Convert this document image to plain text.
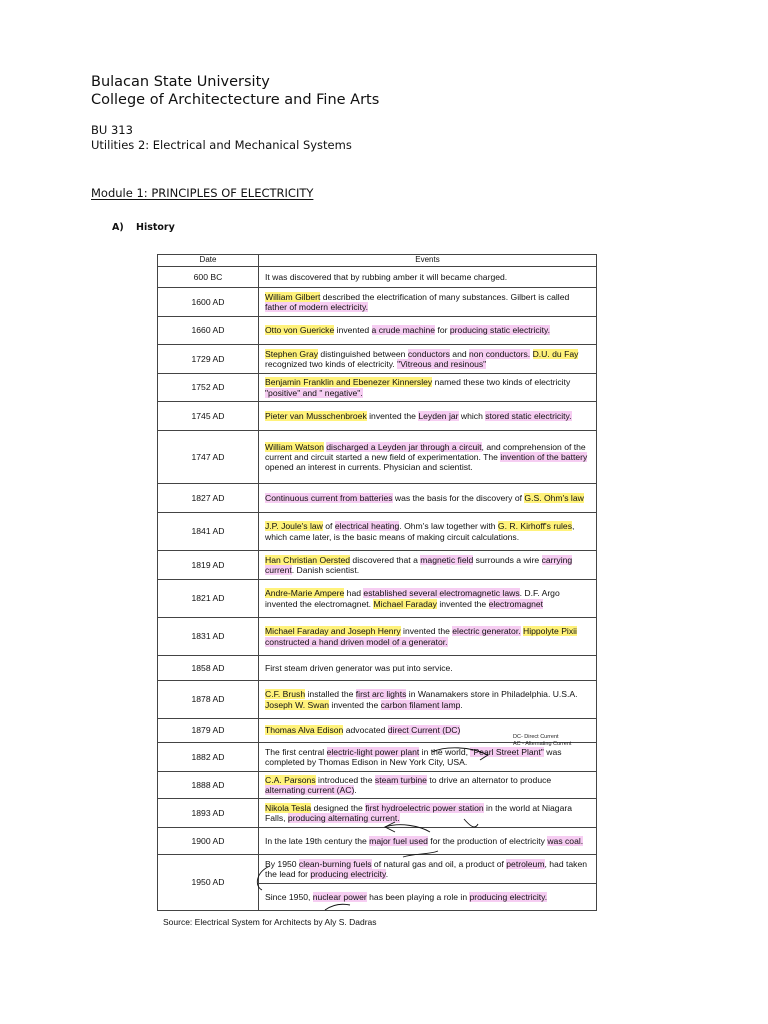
Bulacan State University
College of Architectecture and Fine Arts
BU 313
Utilities 2: Electrical and Mechanical Systems
Module 1: PRINCIPLES OF ELECTRICITY
A) History
Date	Events
600 BC	It was discovered that by rubbing amber it will became charged.
1600 AD	William Gilbert described the electrification of many substances. Gilbert is called father of modern electricity.
1660 AD	Otto von Guericke invented a crude machine for producing static electricity.
1729 AD	Stephen Gray distinguished between conductors and non conductors. D.U. du Fay recognized two kinds of electricity. "Vitreous and resinous"
1752 AD	Benjamin Franklin and Ebenezer Kinnersley named these two kinds of electricity "positive" and " negative".
1745 AD	Pieter van Musschenbroek invented the Leyden jar which stored static electricity.
1747 AD	William Watson discharged a Leyden jar through a circuit, and comprehension of the current and circuit started a new field of experimentation. The invention of the battery opened an interest in currents. Physician and scientist.
1827 AD	Continuous current from batteries was the basis for the discovery of G.S. Ohm's law
1841 AD	J.P. Joule's law of electrical heating. Ohm's law together with G. R. Kirhoff's rules, which came later, is the basic means of making circuit calculations.
1819 AD	Han Christian Oersted discovered that a magnetic field surrounds a wire carrying current. Danish scientist.
1821 AD	Andre-Marie Ampere had established several electromagnetic laws. D.F. Argo invented the electromagnet. Michael Faraday invented the electromagnet
1831 AD	Michael Faraday and Joseph Henry invented the electric generator. Hippolyte Pixii constructed a hand driven model of a generator.
1858 AD	First steam driven generator was put into service.
1878 AD	C.F. Brush installed the first arc lights in Wanamakers store in Philadelphia. U.S.A. Joseph W. Swan invented the carbon filament lamp.
1879 AD	Thomas Alva Edison advocated direct Current (DC)
1882 AD	The first central electric-light power plant in the world, "Pearl Street Plant" was completed by Thomas Edison in New York City, USA.
1888 AD	C.A. Parsons introduced the steam turbine to drive an alternator to produce alternating current (AC).
1893 AD	Nikola Tesla designed the first hydroelectric power station in the world at Niagara Falls, producing alternating current.
1900 AD	In the late 19th century the major fuel used for the production of electricity was coal.
1950 AD	By 1950 clean-burning fuels of natural gas and oil, a product of petroleum, had taken the lead for producing electricity.
	Since 1950, nuclear power has been playing a role in producing electricity.
DC- Direct Current
AC - Alternating Current
Source: Electrical System for Architects by Aly S. Dadras
